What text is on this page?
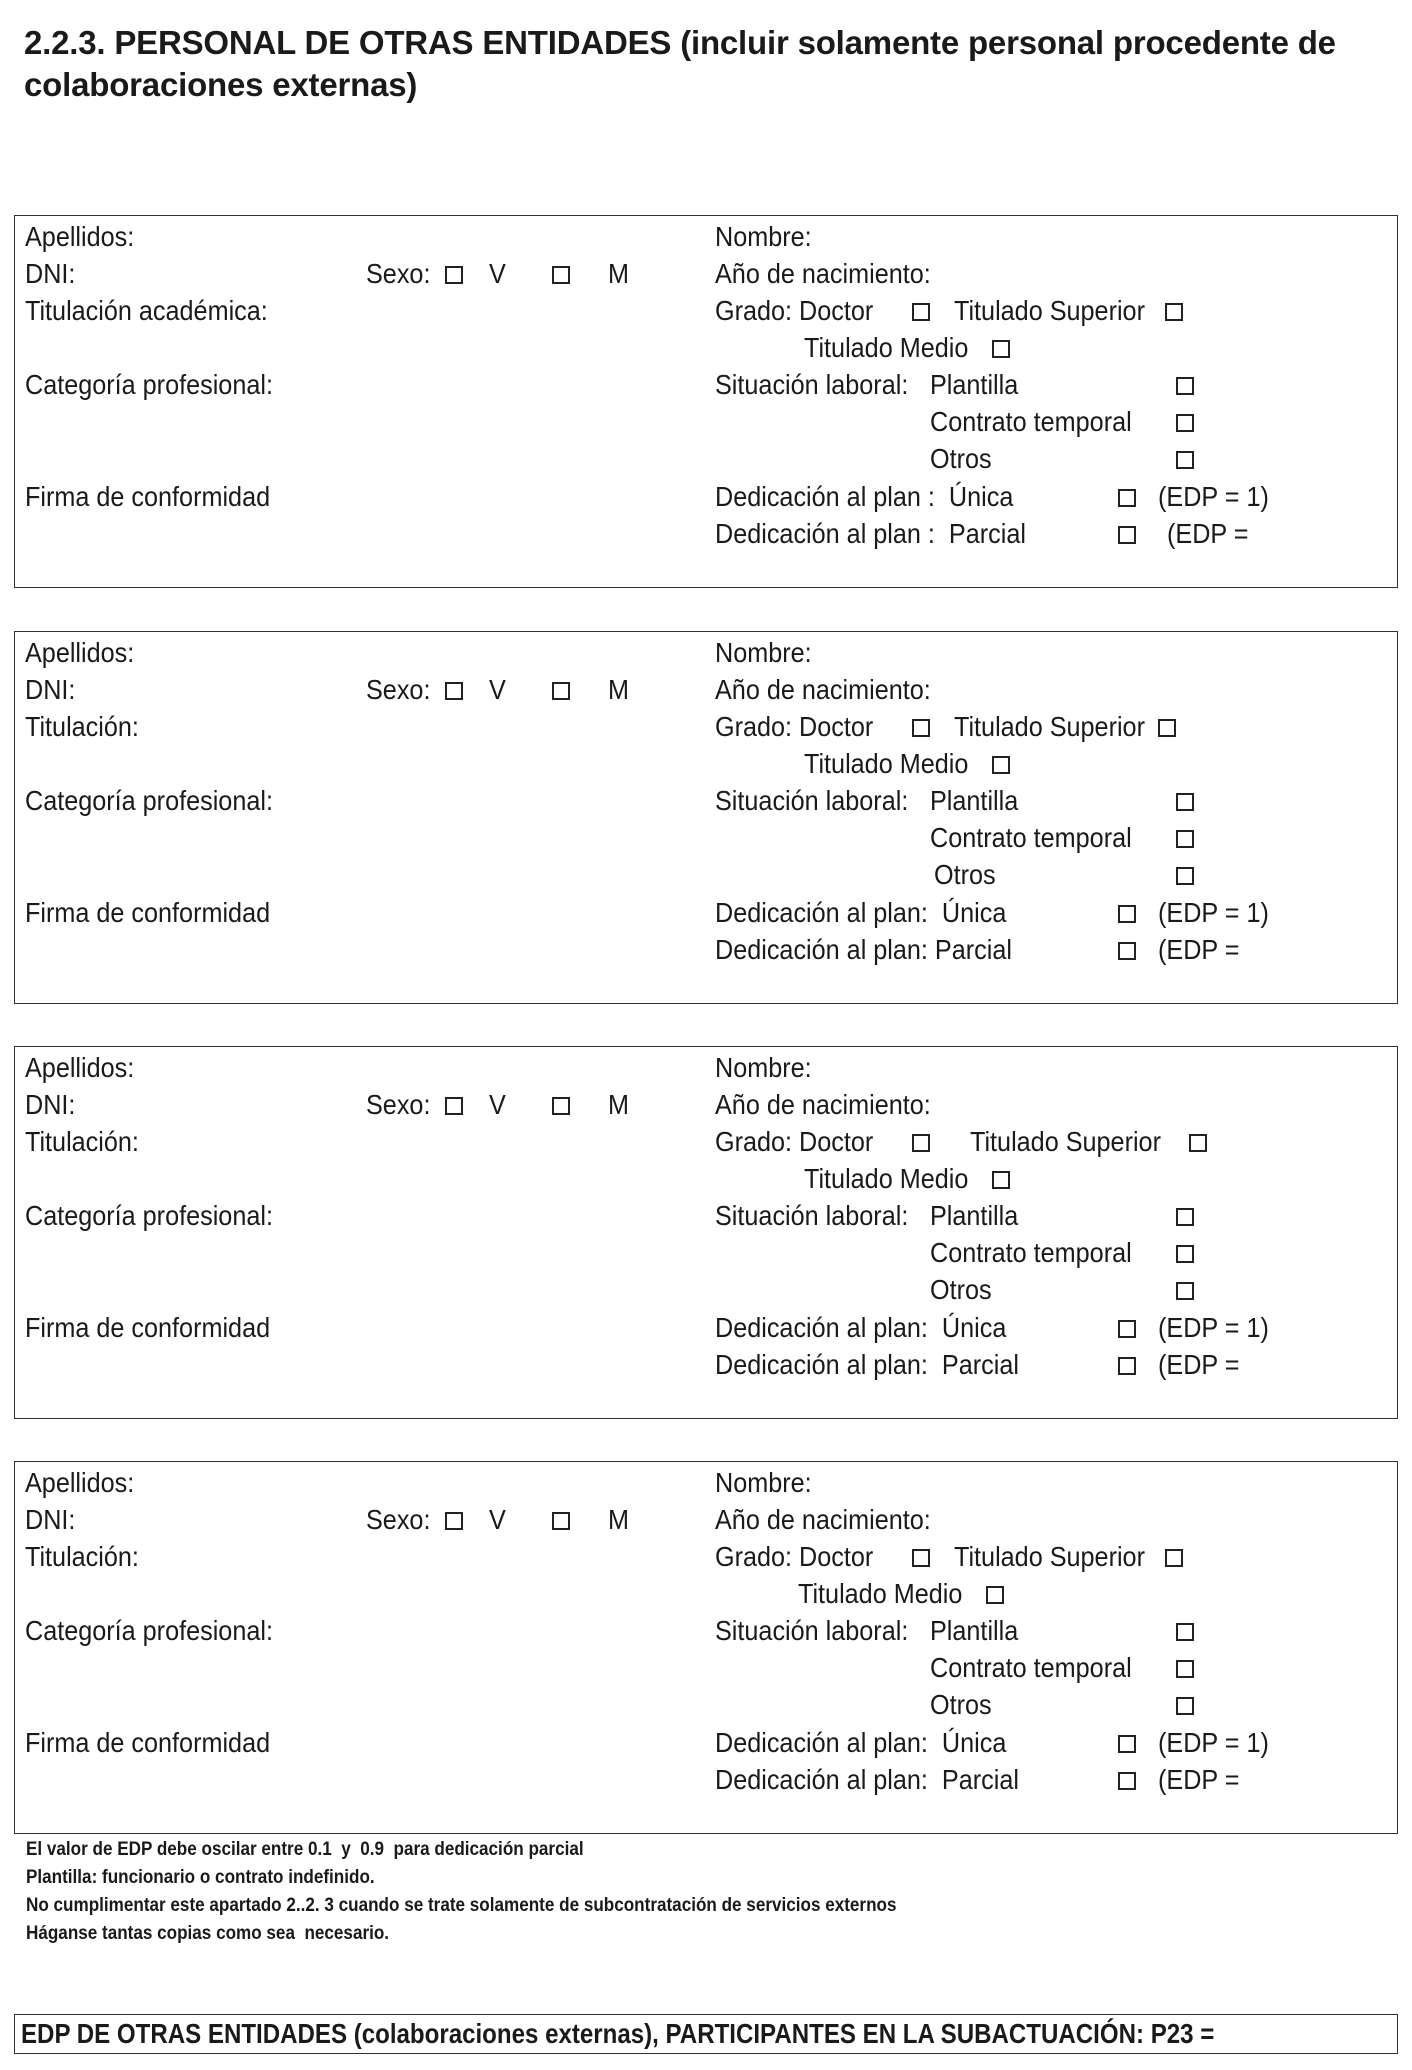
2.2.3. PERSONAL DE OTRAS ENTIDADES (incluir solamente personal procedente de colaboraciones externas)
Apellidos:
DNI:	Sexo: V	M
Titulación académica:
Categoría profesional:
Firma de conformidad
Nombre:
Año de nacimiento:
Grado: Doctor	Titulado Superior
Titulado Medio
Situación laboral: Plantilla
Contrato temporal
Otros
Dedicación al plan :  Única	(EDP = 1)
Dedicación al plan :  Parcial	(EDP =
Apellidos:
DNI:	Sexo: V	M
Titulación:
Categoría profesional:
Firma de conformidad
Nombre:
Año de nacimiento:
Grado: Doctor	Titulado Superior
Titulado Medio
Situación laboral: Plantilla
Contrato temporal
Otros
Dedicación al plan:  Única	(EDP = 1)
Dedicación al plan: Parcial	(EDP =
Apellidos:
DNI:	Sexo: V	M
Titulación:
Categoría profesional:
Firma de conformidad
Nombre:
Año de nacimiento:
Grado: Doctor	Titulado Superior
Titulado Medio
Situación laboral: Plantilla
Contrato temporal
Otros
Dedicación al plan:  Única	(EDP = 1)
Dedicación al plan:  Parcial	(EDP =
Apellidos:
DNI:	Sexo: V	M
Titulación:
Categoría profesional:
Firma de conformidad
Nombre:
Año de nacimiento:
Grado: Doctor	Titulado Superior
Titulado Medio
Situación laboral: Plantilla
Contrato temporal
Otros
Dedicación al plan:  Única	(EDP = 1)
Dedicación al plan:  Parcial	(EDP =
El valor de EDP debe oscilar entre 0.1  y  0.9  para dedicación parcial
Plantilla: funcionario o contrato indefinido.
No cumplimentar este apartado 2..2. 3 cuando se trate solamente de subcontratación de servicios externos
Háganse tantas copias como sea  necesario.
EDP DE OTRAS ENTIDADES (colaboraciones externas), PARTICIPANTES EN LA SUBACTUACIÓN: P23 =
